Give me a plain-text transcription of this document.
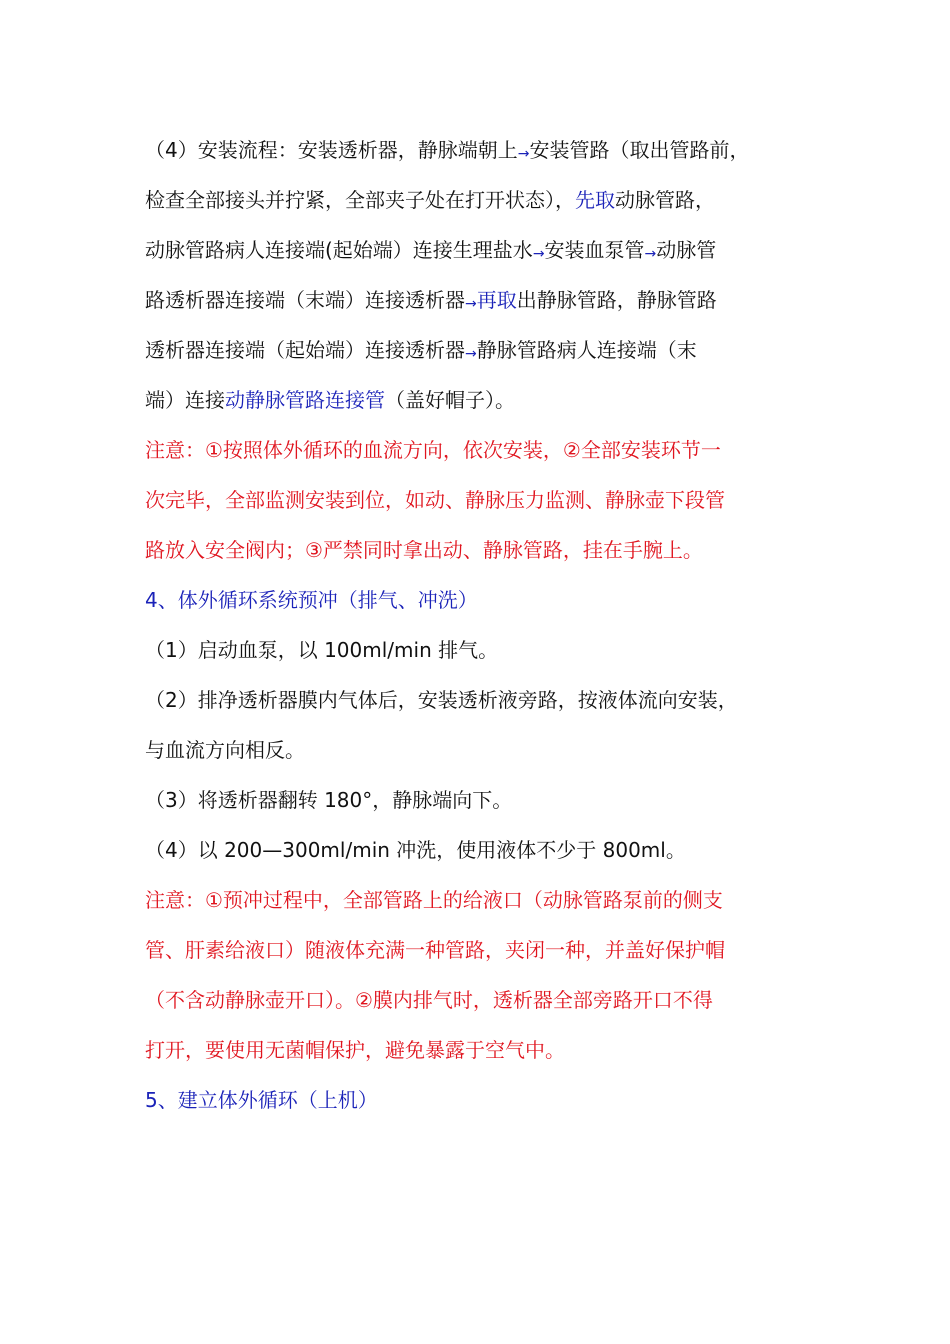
（4）安装流程：安装透析器，静脉端朝上→安装管路（取出管路前，
检查全部接头并拧紧，全部夹子处在打开状态），先取动脉管路，
动脉管路病人连接端(起始端）连接生理盐水→安装血泵管→动脉管
路透析器连接端（末端）连接透析器→再取出静脉管路，静脉管路
透析器连接端（起始端）连接透析器→静脉管路病人连接端（末
端）连接动静脉管路连接管（盖好帽子）。
注意：①按照体外循环的血流方向，依次安装，②全部安装环节一
次完毕，全部监测安装到位，如动、静脉压力监测、静脉壶下段管
路放入安全阀内；③严禁同时拿出动、静脉管路，挂在手腕上。
4、体外循环系统预冲（排气、冲洗）
（1）启动血泵，以 100ml/min 排气。
（2）排净透析器膜内气体后，安装透析液旁路，按液体流向安装，
与血流方向相反。
（3）将透析器翻转 180°，静脉端向下。
（4）以 200—300ml/min 冲洗，使用液体不少于 800ml。
注意：①预冲过程中，全部管路上的给液口（动脉管路泵前的侧支
管、肝素给液口）随液体充满一种管路，夹闭一种，并盖好保护帽
（不含动静脉壶开口）。②膜内排气时，透析器全部旁路开口不得
打开，要使用无菌帽保护，避免暴露于空气中。
5、建立体外循环（上机）
